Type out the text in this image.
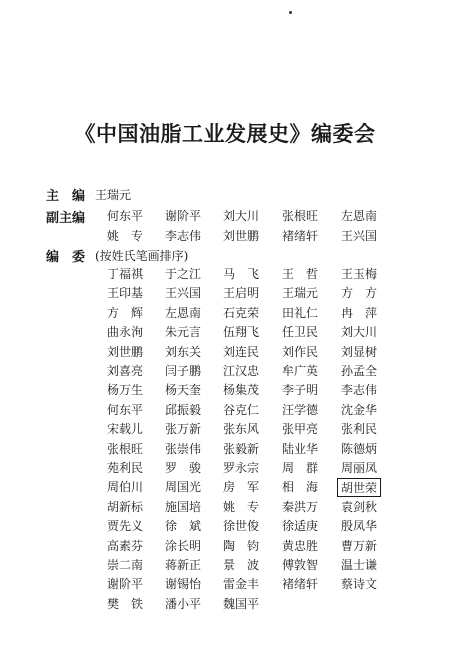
《中国油脂工业发展史》编委会
主　编 王瑞元
副主编 何东平 谢阶平 刘大川 张根旺 左恩南
姚　专 李志伟 刘世鹏 褚绪轩 王兴国
编　委 (按姓氏笔画排序)
丁福祺 于之江 马　飞 王　哲 王玉梅
王印基 王兴国 王启明 王瑞元 方　方
方　辉 左恩南 石克荣 田礼仁 冉　萍
曲永洵 朱元言 伍翔飞 任卫民 刘大川
刘世鹏 刘东关 刘连民 刘作民 刘显树
刘喜亮 闫子鹏 江汉忠 牟广英 孙孟全
杨万生 杨天奎 杨集茂 李子明 李志伟
何东平 邱振毅 谷克仁 汪学德 沈金华
宋载儿 张万新 张东风 张甲亮 张利民
张根旺 张崇伟 张毅新 陆业华 陈德炳
苑利民 罗　骏 罗永宗 周　群 周丽凤
周伯川 周国光 房　军 相　海	胡世荣
胡新标 施国培 姚　专 秦洪万 袁剑秋
贾先义 徐　斌 徐世俊 徐适庚 殷凤华
高素芬 涂长明 陶　钧 黄忠胜 曹万新
崇二南 蒋新正 景　波 傅敦智 温士谦
谢阶平 谢锡怡 雷金丰 褚绪轩 蔡诗文
樊　铁 潘小平 魏国平
